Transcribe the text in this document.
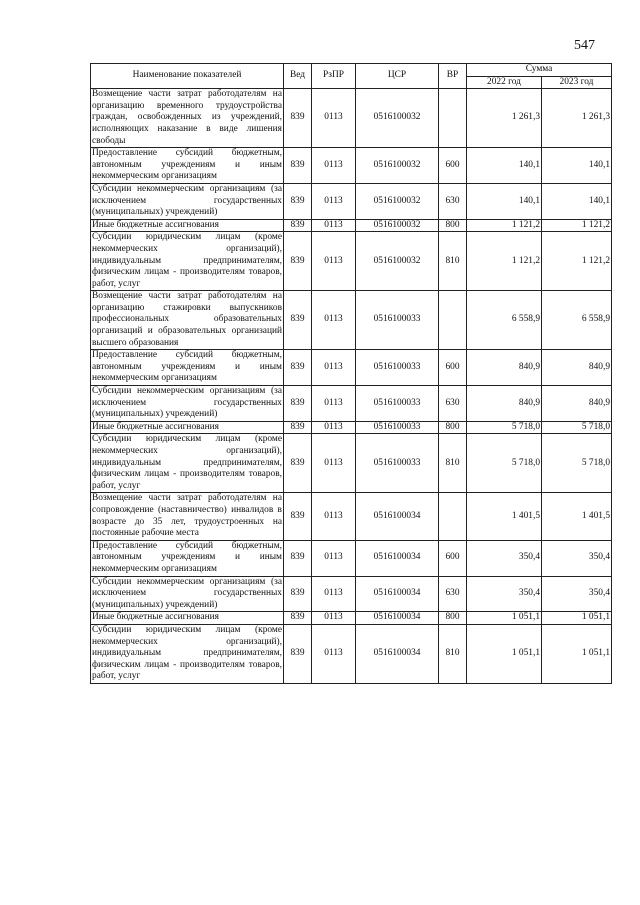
547
Наименование показателей	Вед	РзПР	ЦСР	ВР	Сумма	
					2022 год	2023 год
Возмещение части затрат работодателям на организацию временного трудоустройства граждан, освобожденных из учреждений, исполняющих наказание в виде лишения свободы	839	0113	0516100032		1 261,3	1 261,3
Предоставление субсидий бюджетным, автономным учреждениям и иным некоммерческим организациям	839	0113	0516100032	600	140,1	140,1
Субсидии некоммерческим организациям (за исключением государственных (муниципальных) учреждений)	839	0113	0516100032	630	140,1	140,1
Иные бюджетные ассигнования	839	0113	0516100032	800	1 121,2	1 121,2
Субсидии юридическим лицам (кроме некоммерческих организаций), индивидуальным предпринимателям, физическим лицам - производителям товаров, работ, услуг	839	0113	0516100032	810	1 121,2	1 121,2
Возмещение части затрат работодателям на организацию стажировки выпускников профессиональных образовательных организаций и образовательных организаций высшего образования	839	0113	0516100033		6 558,9	6 558,9
Предоставление субсидий бюджетным, автономным учреждениям и иным некоммерческим организациям	839	0113	0516100033	600	840,9	840,9
Субсидии некоммерческим организациям (за исключением государственных (муниципальных) учреждений)	839	0113	0516100033	630	840,9	840,9
Иные бюджетные ассигнования	839	0113	0516100033	800	5 718,0	5 718,0
Субсидии юридическим лицам (кроме некоммерческих организаций), индивидуальным предпринимателям, физическим лицам - производителям товаров, работ, услуг	839	0113	0516100033	810	5 718,0	5 718,0
Возмещение части затрат работодателям на сопровождение (наставничество) инвалидов в возрасте до 35 лет, трудоустроенных на постоянные рабочие места	839	0113	0516100034		1 401,5	1 401,5
Предоставление субсидий бюджетным, автономным учреждениям и иным некоммерческим организациям	839	0113	0516100034	600	350,4	350,4
Субсидии некоммерческим организациям (за исключением государственных (муниципальных) учреждений)	839	0113	0516100034	630	350,4	350,4
Иные бюджетные ассигнования	839	0113	0516100034	800	1 051,1	1 051,1
Субсидии юридическим лицам (кроме некоммерческих организаций), индивидуальным предпринимателям, физическим лицам - производителям товаров, работ, услуг	839	0113	0516100034	810	1 051,1	1 051,1
